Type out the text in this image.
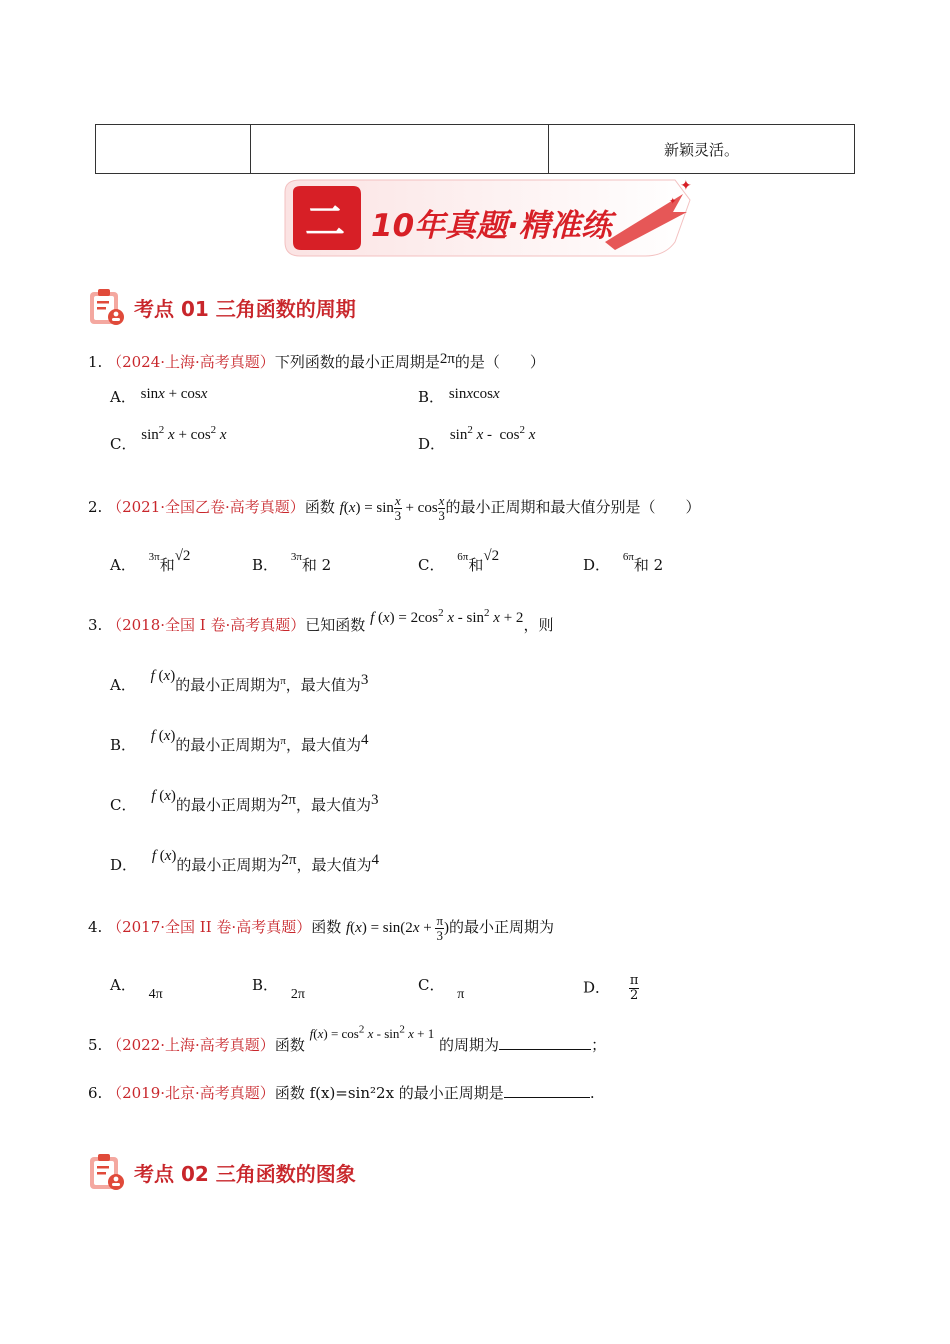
		新颖灵活。
✦
✦
二 10年真题·精准练
考点 01 三角函数的周期
1. （2024·上海·高考真题）下列函数的最小正周期是2π的是（　　）
A． sinx + cosx	B． sinxcosx
C． $\sin^2 x + \cos^2 x$	D． $\sin^2 x - \cos^2 x$
2. （2021·全国乙卷·高考真题）函数 $f(x) = \sin \frac{x}{3} + \cos \frac{x}{3}$ 的最小正周期和最大值分别是（　　）
A． $^{3\pi}$和√2	B． $^{3\pi}$和 2	C． $^{6\pi}$和√2	D． $^{6\pi}$和 2
3. （2018·全国 I 卷·高考真题）已知函数 f $(x) = 2\cos^2$ $x - \sin^2 x + 2$，则
A． f (x)的最小正周期为$^\pi$，最大值为3
B． f (x)的最小正周期为$^\pi$，最大值为4
C． f (x)的最小正周期为2π，最大值为3
D． f (x)的最小正周期为2π，最大值为4
4. （2017·全国 II 卷·高考真题）函数 $f(x) = \sin(2x + \frac{\pi}{3}$ )的最小正周期为
A． 4π
B． 2π
C． π	D． $\frac{\pi}{2}$
5. （2022·上海·高考真题）函数 $f(x) = \cos^2 x - \sin^2 x + 1$ 的周期为	；
6. （2019·北京·高考真题）函数 f(x)=sin²2x 的最小正周期是	.
考点 02 三角函数的图象
